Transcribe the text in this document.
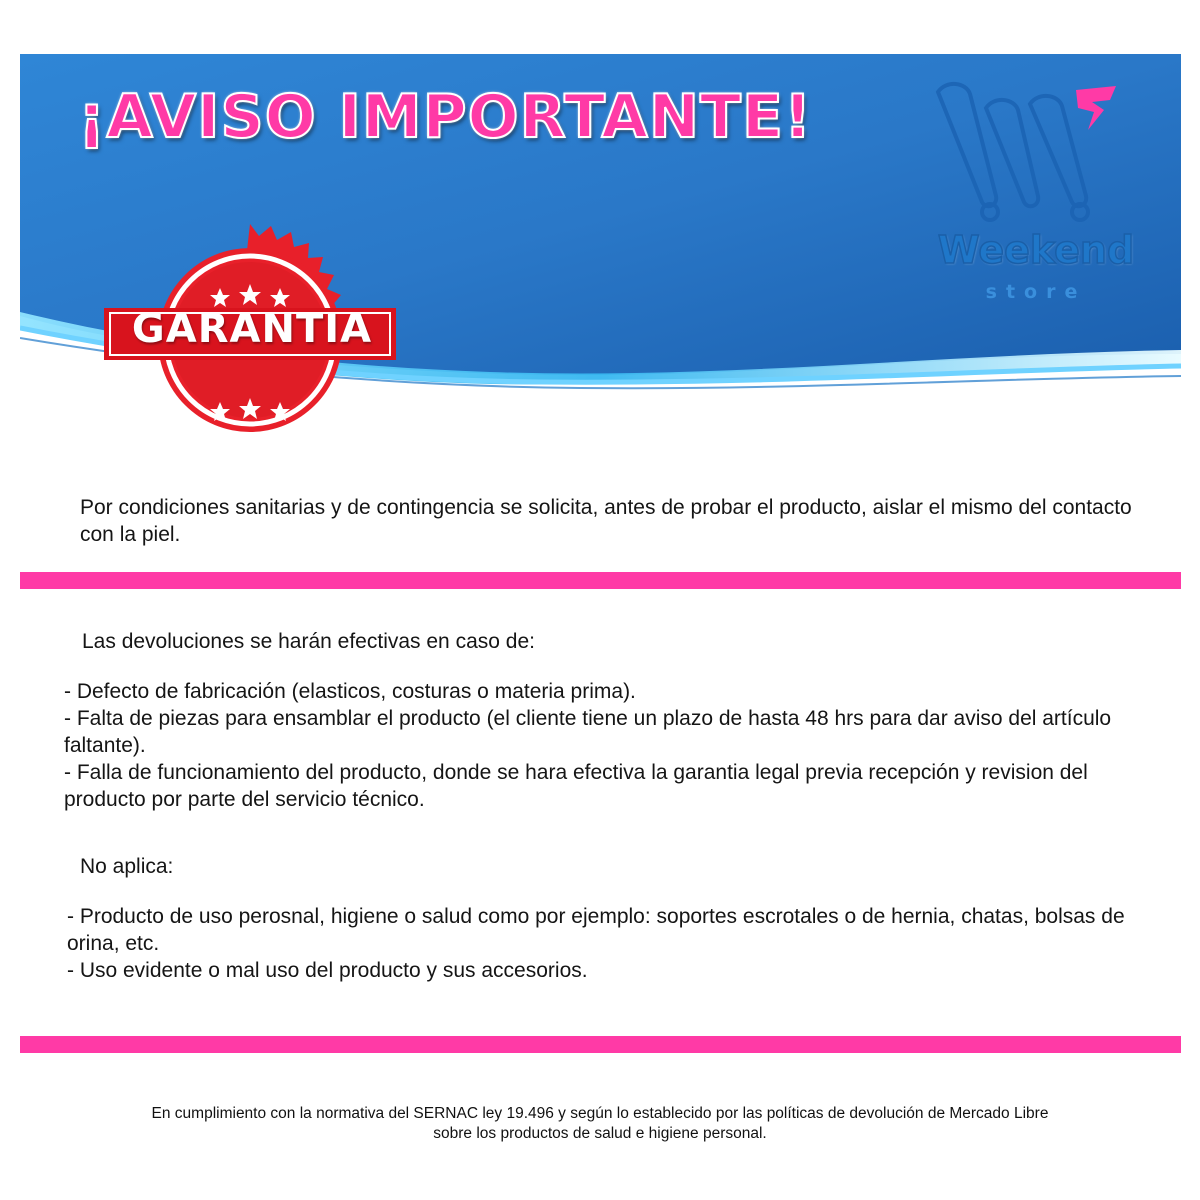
¡AVISO IMPORTANTE!
Weekend
store
GARANTIA

Por condiciones sanitarias y de contingencia se solicita, antes de probar el producto, aislar el mismo del contacto con la piel.

Las devoluciones se harán efectivas en caso de:

- Defecto de fabricación (elasticos, costuras o materia prima).

- Falta de piezas para ensamblar el producto (el cliente tiene un plazo de hasta 48 hrs para dar aviso del artículo faltante).

- Falla de funcionamiento del producto, donde se hara efectiva la garantia legal previa recepción y revision del producto por parte del servicio técnico.

No aplica:

- Producto de uso perosnal, higiene o salud como por ejemplo: soportes escrotales o de hernia, chatas, bolsas de orina, etc.

- Uso evidente o mal uso del producto y sus accesorios.

En cumplimiento con la normativa del SERNAC ley 19.496 y según lo establecido por las políticas de devolución de Mercado Libre
sobre los productos de salud e higiene personal.
